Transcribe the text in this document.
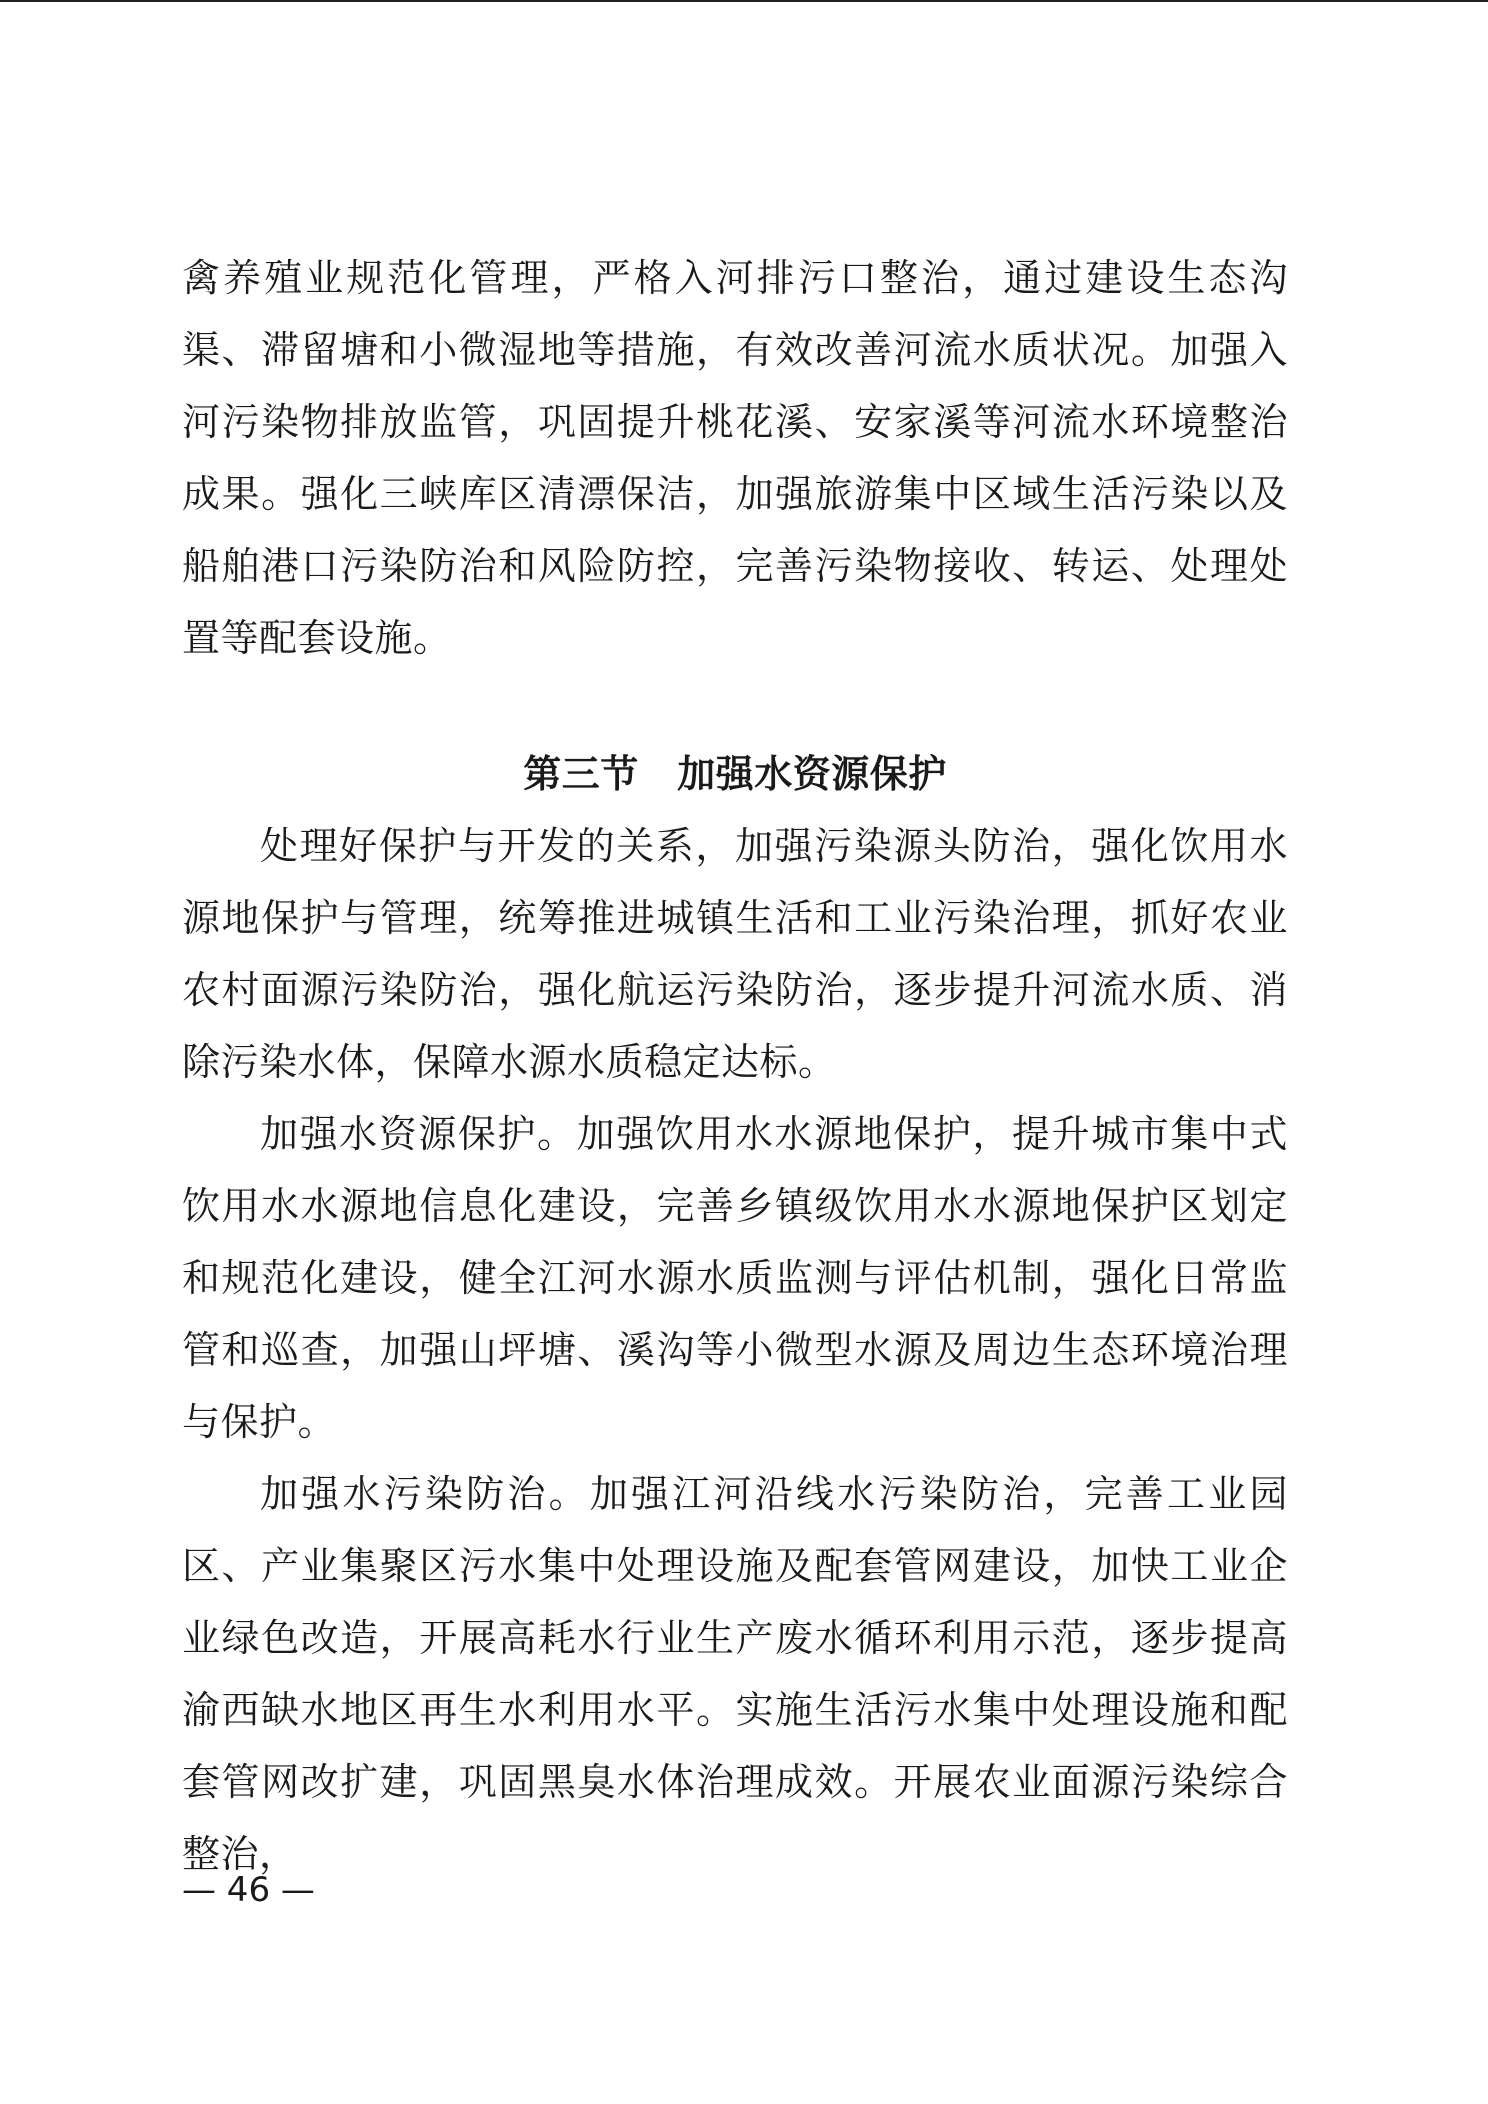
禽养殖业规范化管理，严格入河排污口整治，通过建设生态沟渠、滞留塘和小微湿地等措施，有效改善河流水质状况。加强入河污染物排放监管，巩固提升桃花溪、安家溪等河流水环境整治成果。强化三峡库区清漂保洁，加强旅游集中区域生活污染以及船舶港口污染防治和风险防控，完善污染物接收、转运、处理处置等配套设施。

第三节　加强水资源保护

处理好保护与开发的关系，加强污染源头防治，强化饮用水源地保护与管理，统筹推进城镇生活和工业污染治理，抓好农业农村面源污染防治，强化航运污染防治，逐步提升河流水质、消除污染水体，保障水源水质稳定达标。

加强水资源保护。加强饮用水水源地保护，提升城市集中式饮用水水源地信息化建设，完善乡镇级饮用水水源地保护区划定和规范化建设，健全江河水源水质监测与评估机制，强化日常监管和巡查，加强山坪塘、溪沟等小微型水源及周边生态环境治理与保护。

加强水污染防治。加强江河沿线水污染防治，完善工业园区、产业集聚区污水集中处理设施及配套管网建设，加快工业企业绿色改造，开展高耗水行业生产废水循环利用示范，逐步提高渝西缺水地区再生水利用水平。实施生活污水集中处理设施和配套管网改扩建，巩固黑臭水体治理成效。开展农业面源污染综合整治，

— 46 —
